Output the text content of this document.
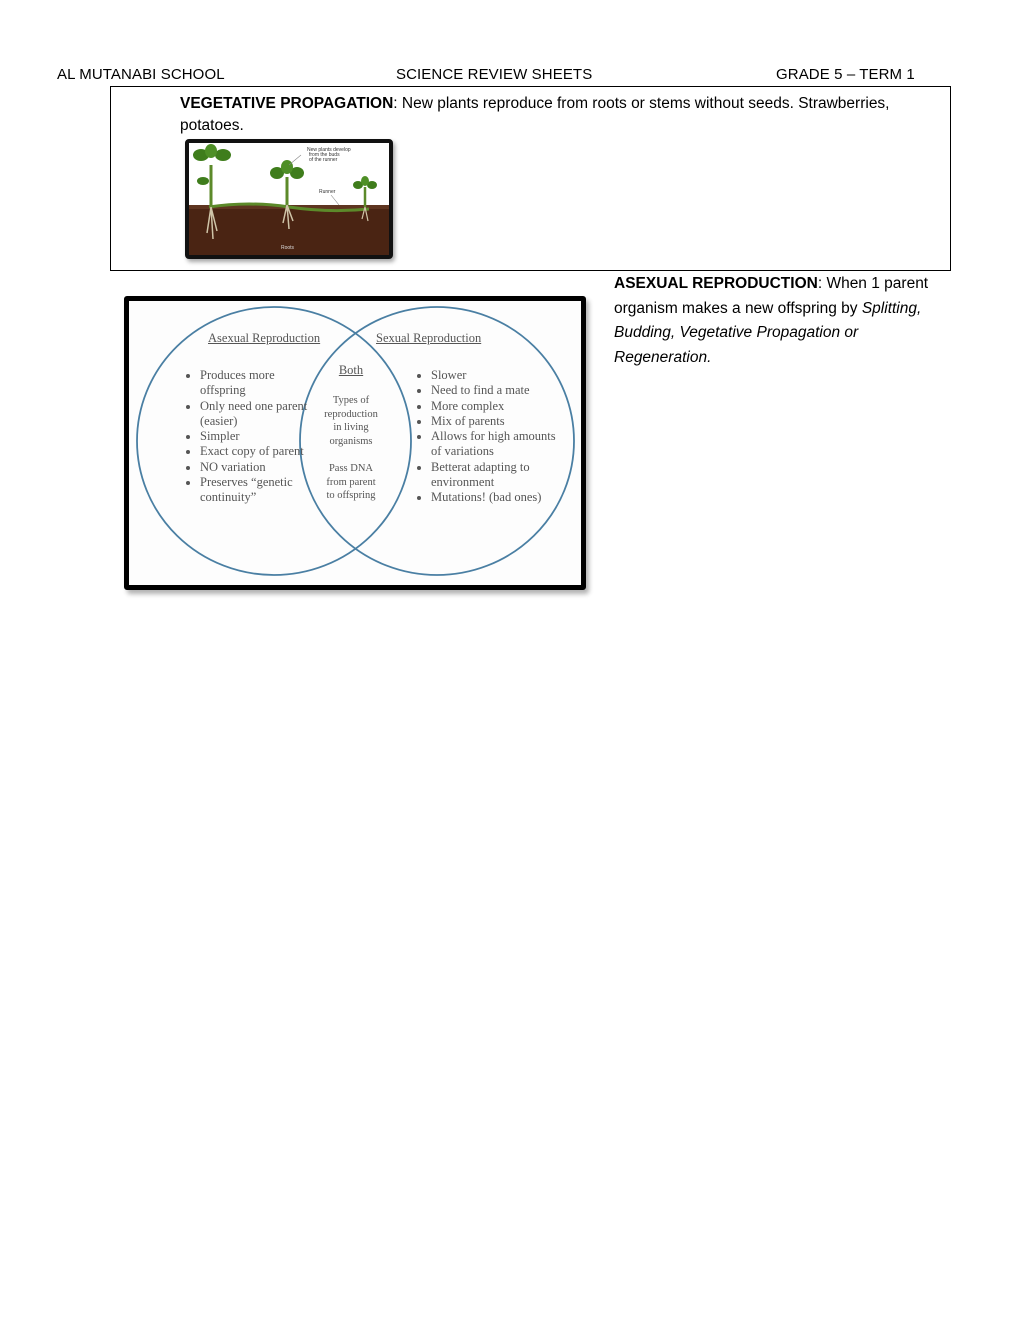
AL MUTANABI SCHOOL	SCIENCE REVIEW SHEETS	GRADE 5 – TERM 1
VEGETATIVE PROPAGATION: New plants reproduce from roots or stems without seeds. Strawberries, potatoes.
New plants develop from the buds of the runner
Runner
Roots
ASEXUAL REPRODUCTION: When 1 parent organism makes a new offspring by Splitting, Budding, Vegetative Propagation or Regeneration.
Asexual Reproduction	Sexual Reproduction
• Produces more offspring
• Only need one parent (easier)
• Simpler
• Exact copy of parent
• NO variation
• Preserves “genetic continuity”
Both
Types of
reproduction
in living
organisms
Pass DNA
from parent
to offspring
• Slower
• Need to find a mate
• More complex
• Mix of parents
• Allows for high amounts of variations
• Betterat adapting to environment
• Mutations! (bad ones)
